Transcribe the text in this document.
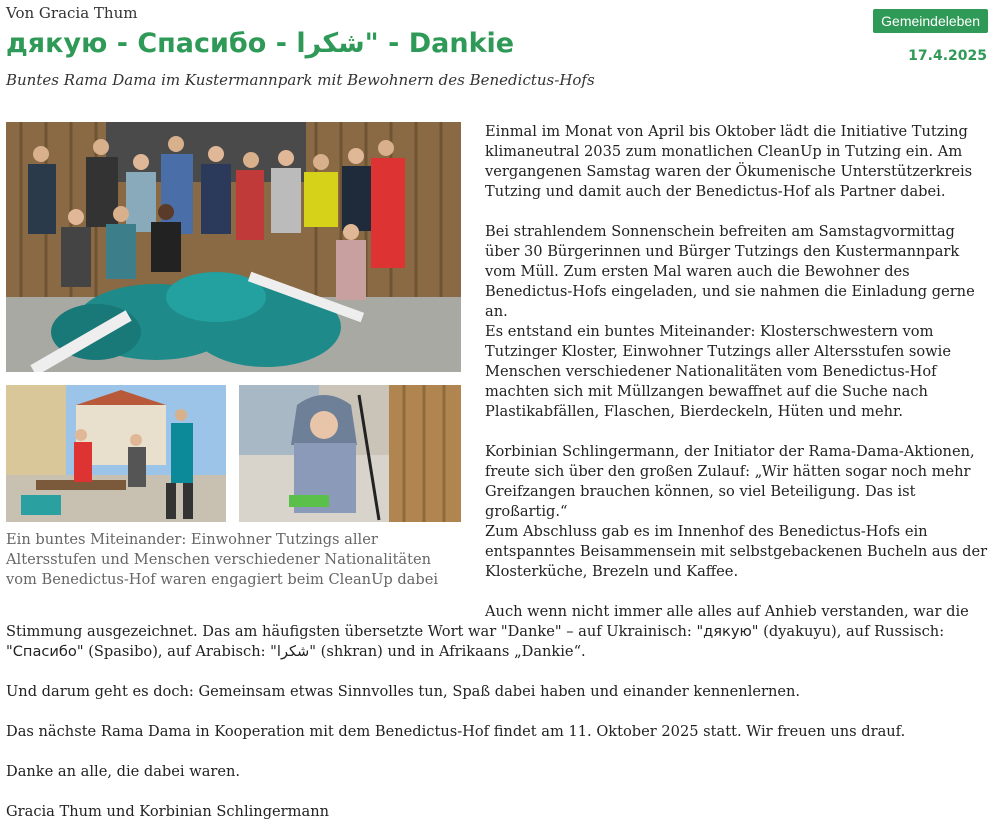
Von Gracia Thum	Gemeindeleben
дякую - Спасибо - شكرا" - Dankie	17.4.2025
Buntes Rama Dama im Kustermannpark mit Bewohnern des Benedictus-Hofs
Ein buntes Miteinander: Einwohner Tutzings aller Altersstufen und Menschen verschiedener Nationalitäten vom Benedictus-Hof waren engagiert beim CleanUp dabei

Einmal im Monat von April bis Oktober lädt die Initiative Tutzing klimaneutral 2035 zum monatlichen CleanUp in Tutzing ein. Am vergangenen Samstag waren der Ökumenische Unterstützerkreis Tutzing und damit auch der Benedictus-Hof als Partner dabei.

Bei strahlendem Sonnenschein befreiten am Samstagvormittag über 30 Bürgerinnen und Bürger Tutzings den Kustermannpark vom Müll. Zum ersten Mal waren auch die Bewohner des Benedictus-Hofs eingeladen, und sie nahmen die Einladung gerne an.

Es entstand ein buntes Miteinander: Klosterschwestern vom Tutzinger Kloster, Einwohner Tutzings aller Altersstufen sowie Menschen verschiedener Nationalitäten vom Benedictus-Hof machten sich mit Müllzangen bewaffnet auf die Suche nach Plastikabfällen, Flaschen, Bierdeckeln, Hüten und mehr.

Korbinian Schlingermann, der Initiator der Rama-Dama-Aktionen, freute sich über den großen Zulauf: „Wir hätten sogar noch mehr Greifzangen brauchen können, so viel Beteiligung. Das ist großartig.“

Zum Abschluss gab es im Innenhof des Benedictus-Hofs ein entspanntes Beisammensein mit selbstgebackenen Bucheln aus der Klosterküche, Brezeln und Kaffee.

Auch wenn nicht immer alle alles auf Anhieb verstanden, war die Stimmung ausgezeichnet. Das am häufigsten übersetzte Wort war "Danke" – auf Ukrainisch: "дякую" (dyakuyu), auf Russisch: "Спасибо" (Spasibo), auf Arabisch: "شكرا" (shkran) und in Afrikaans „Dankie“.

Und darum geht es doch: Gemeinsam etwas Sinnvolles tun, Spaß dabei haben und einander kennenlernen.

Das nächste Rama Dama in Kooperation mit dem Benedictus-Hof findet am 11. Oktober 2025 statt. Wir freuen uns drauf.

Danke an alle, die dabei waren.

Gracia Thum und Korbinian Schlingermann
